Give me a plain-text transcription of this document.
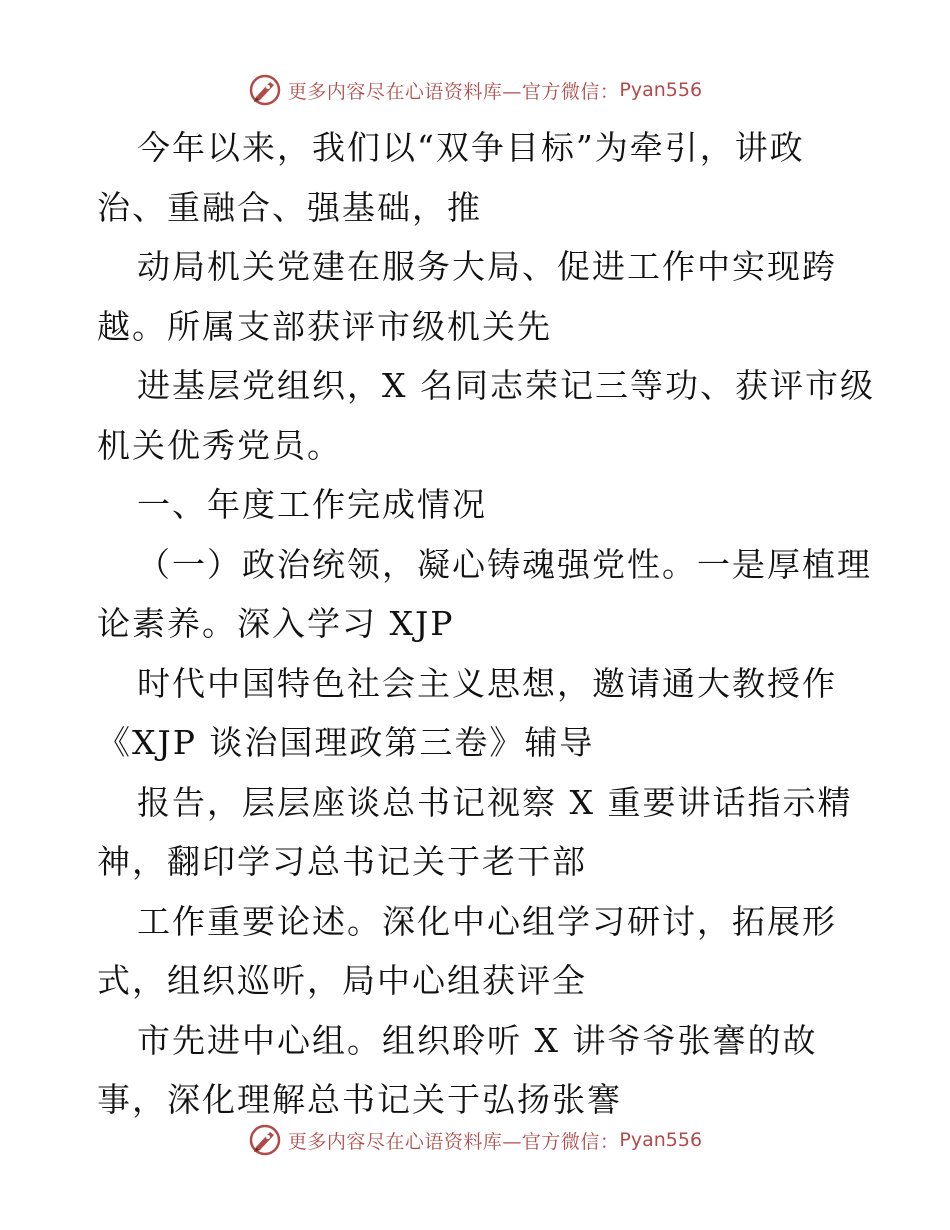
更多内容尽在心语资料库—官方微信： Pyan556
今年以来，我们以“双争目标”为牵引，讲政
治、重融合、强基础，推
动局机关党建在服务大局、促进工作中实现跨
越。所属支部获评市级机关先
进基层党组织，X 名同志荣记三等功、获评市级
机关优秀党员。
一、年度工作完成情况
（一）政治统领，凝心铸魂强党性。一是厚植理
论素养。深入学习 XJP
时代中国特色社会主义思想，邀请通大教授作
《XJP 谈治国理政第三卷》辅导
报告，层层座谈总书记视察 X 重要讲话指示精
神，翻印学习总书记关于老干部
工作重要论述。深化中心组学习研讨，拓展形
式，组织巡听，局中心组获评全
市先进中心组。组织聆听 X 讲爷爷张謇的故
事，深化理解总书记关于弘扬张謇
更多内容尽在心语资料库—官方微信： Pyan556
